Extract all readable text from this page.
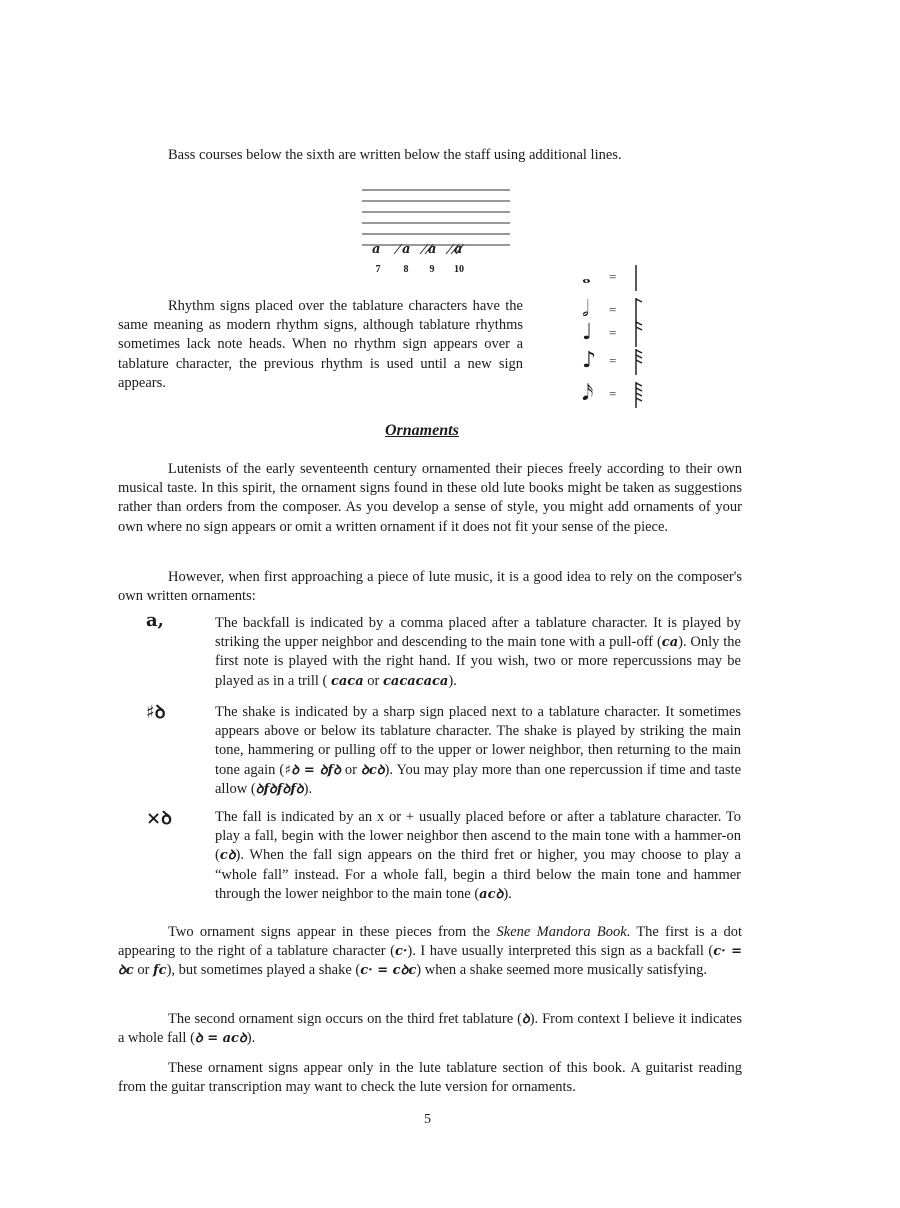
Bass courses below the sixth are written below the staff using additional lines.
a a a a
7	8	9	10
Rhythm signs placed over the tablature characters have the same meaning as modern rhythm signs, although tablature rhythms sometimes lack note heads. When no rhythm sign appears over a tablature character, the previous rhythm is used until a new sign appears.
𝅝 =
𝅗𝅥 =
♩ =
♪ =
𝅘𝅥𝅯 =
Ornaments
Lutenists of the early seventeenth century ornamented their pieces freely according to their own musical taste. In this spirit, the ornament signs found in these old lute books might be taken as suggestions rather than orders from the composer. As you develop a sense of style, you might add ornaments of your own where no sign appears or omit a written ornament if it does not fit your sense of the piece.
However, when first approaching a piece of lute music, it is a good idea to rely on the composer's own written ornaments:
a,	The backfall is indicated by a comma placed after a tablature character. It is played by striking the upper neighbor and descending to the main tone with a pull-off (ca). Only the first note is played with the right hand. If you wish, two or more repercussions may be played as in a trill ( caca or cacacaca).
♯ꝺ	The shake is indicated by a sharp sign placed next to a tablature character. It sometimes appears above or below its tablature character. The shake is played by striking the main tone, hammering or pulling off to the upper or lower neighbor, then returning to the main tone again (♯ꝺ = ꝺfꝺ or ꝺcꝺ). You may play more than one repercussion if time and taste allow (ꝺfꝺfꝺfꝺ).
×ꝺ	The fall is indicated by an x or + usually placed before or after a tablature character. To play a fall, begin with the lower neighbor then ascend to the main tone with a hammer-on (cꝺ). When the fall sign appears on the third fret or higher, you may choose to play a “whole fall” instead. For a whole fall, begin a third below the main tone and hammer through the lower neighbor to the main tone (acꝺ).
Two ornament signs appear in these pieces from the Skene Mandora Book. The first is a dot appearing to the right of a tablature character (c·). I have usually interpreted this sign as a backfall (c· = ꝺc or fc), but sometimes played a shake (c· = cꝺc) when a shake seemed more musically satisfying.
The second ornament sign occurs on the third fret tablature (ꝺ). From context I believe it indicates a whole fall (ꝺ = acꝺ).
These ornament signs appear only in the lute tablature section of this book. A guitarist reading from the guitar transcription may want to check the lute version for ornaments.
5
